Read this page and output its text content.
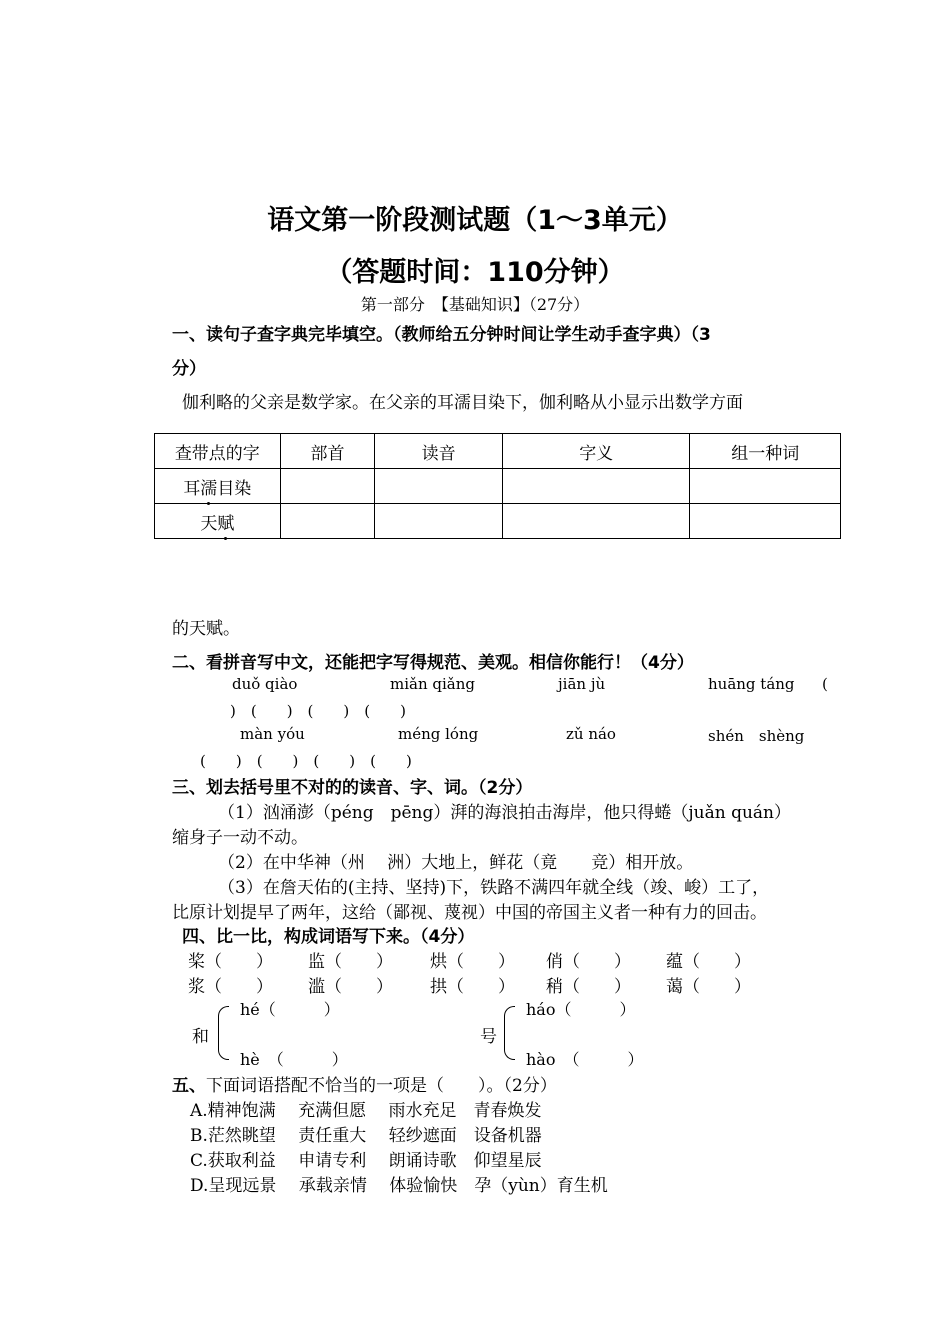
语文第一阶段测试题（1～3单元）
（答题时间：110分钟）
第一部分　【基础知识】（27分）
一、读句子查字典完毕填空。（教师给五分钟时间让学生动手查字典）（3
分）
伽利略的父亲是数学家。在父亲的耳濡目染下，伽利略从小显示出数学方面
查带点的字	部首	读音	字义	组一种词
耳濡目染				
天赋				
的天赋。
二、看拼音写中文，还能把字写得规范、美观。相信你能行！（4分）
duǒ qiào	miǎn qiǎng	jiān jù	huāng táng (
)　(　　)　(　　)　(　　)
màn yóu	méng lóng	zǔ náo	shén　shèng
(　　)　(　　)　(　　)　(　　)
三、划去括号里不对的的读音、字、词。（2分）
（1）汹涌澎（péng　pēng）湃的海浪拍击海岸，他只得蜷（juǎn quán）
缩身子一动不动。
（2）在中华神（州　 洲）大地上，鲜花（竟　　竞）相开放。
（3）在詹天佑的(主持、坚持)下，铁路不满四年就全线（竣、峻）工了，
比原计划提早了两年，这给（鄙视、蔑视）中国的帝国主义者一种有力的回击。
四、比一比，构成词语写下来。（4分）
桨（　　） 监（　　） 烘（　　） 俏（　　） 蕴（　　）
浆（　　） 滥（　　） 拱（　　） 稍（　　） 蔼（　　）
和
hé（　　　）
hè　（　　　）
号
háo（　　　）
hào　（　　　）
五、下面词语搭配不恰当的一项是（　　）。（2分）
A.精神饱满　 充满但愿　 雨水充足　青春焕发
B.茫然眺望　 责任重大　 轻纱遮面　设备机器
C.获取利益　 申请专利　 朗诵诗歌　仰望星辰
D.呈现远景　 承载亲情　 体验愉快　孕（yùn）育生机
